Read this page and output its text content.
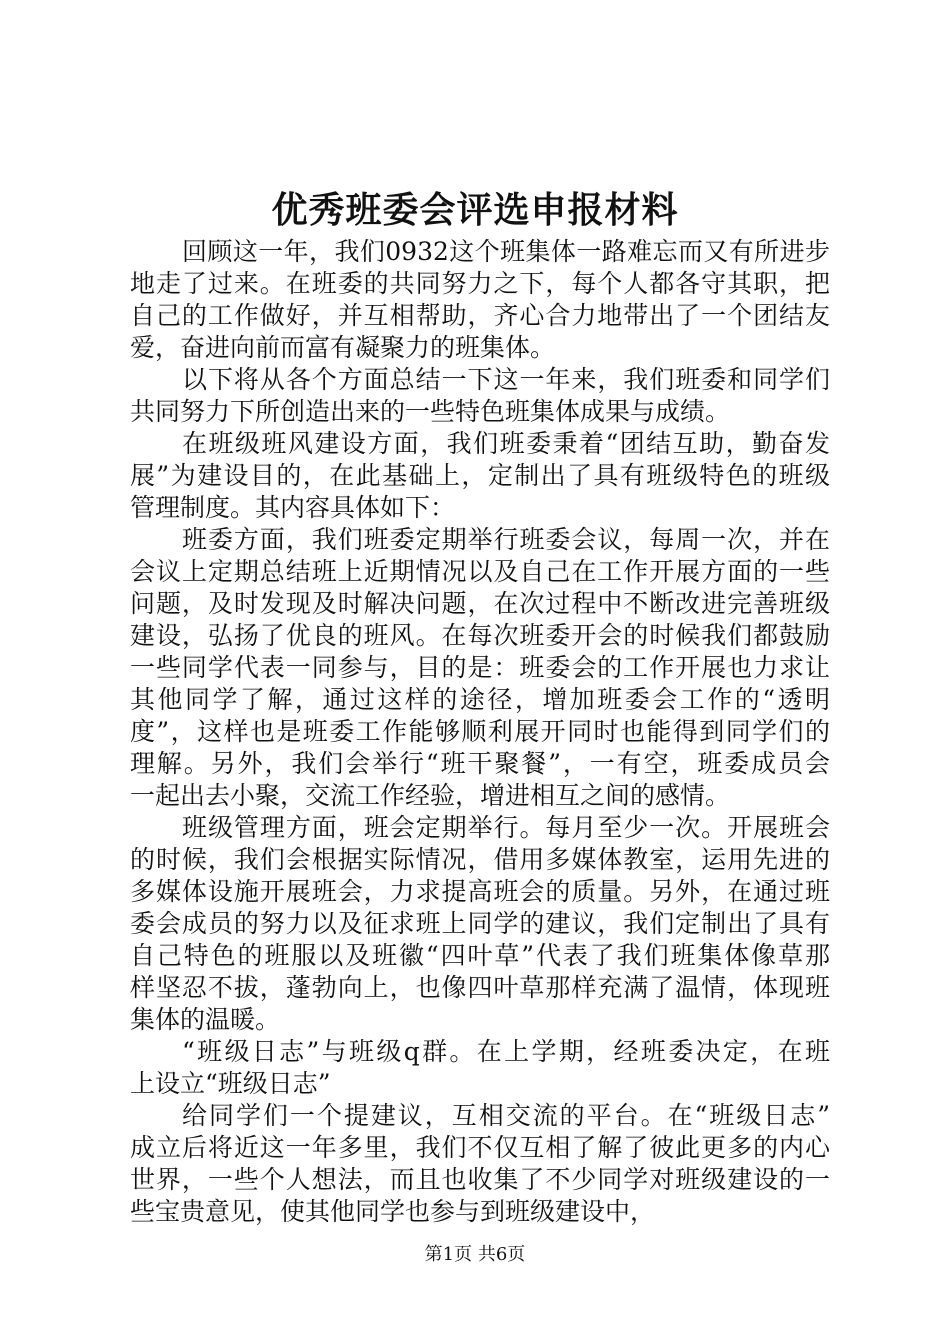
优秀班委会评选申报材料
回顾这一年，我们0932这个班集体一路难忘而又有所进步
地走了过来。在班委的共同努力之下，每个人都各守其职，把
自己的工作做好，并互相帮助，齐心合力地带出了一个团结友
爱，奋进向前而富有凝聚力的班集体。
以下将从各个方面总结一下这一年来，我们班委和同学们
共同努力下所创造出来的一些特色班集体成果与成绩。
在班级班风建设方面，我们班委秉着“团结互助，勤奋发
展”为建设目的，在此基础上，定制出了具有班级特色的班级
管理制度。其内容具体如下：
班委方面，我们班委定期举行班委会议，每周一次，并在
会议上定期总结班上近期情况以及自己在工作开展方面的一些
问题，及时发现及时解决问题，在次过程中不断改进完善班级
建设，弘扬了优良的班风。在每次班委开会的时候我们都鼓励
一些同学代表一同参与，目的是：班委会的工作开展也力求让
其他同学了解，通过这样的途径，增加班委会工作的“透明
度”，这样也是班委工作能够顺利展开同时也能得到同学们的
理解。另外，我们会举行“班干聚餐”，一有空，班委成员会
一起出去小聚，交流工作经验，增进相互之间的感情。
班级管理方面，班会定期举行。每月至少一次。开展班会
的时候，我们会根据实际情况，借用多媒体教室，运用先进的
多媒体设施开展班会，力求提高班会的质量。另外，在通过班
委会成员的努力以及征求班上同学的建议，我们定制出了具有
自己特色的班服以及班徽“四叶草”代表了我们班集体像草那
样坚忍不拔，蓬勃向上，也像四叶草那样充满了温情，体现班
集体的温暖。
“班级日志”与班级q群。在上学期，经班委决定，在班
上设立“班级日志”
给同学们一个提建议，互相交流的平台。在“班级日志”
成立后将近这一年多里，我们不仅互相了解了彼此更多的内心
世界，一些个人想法，而且也收集了不少同学对班级建设的一
些宝贵意见，使其他同学也参与到班级建设中，
第1页 共6页
